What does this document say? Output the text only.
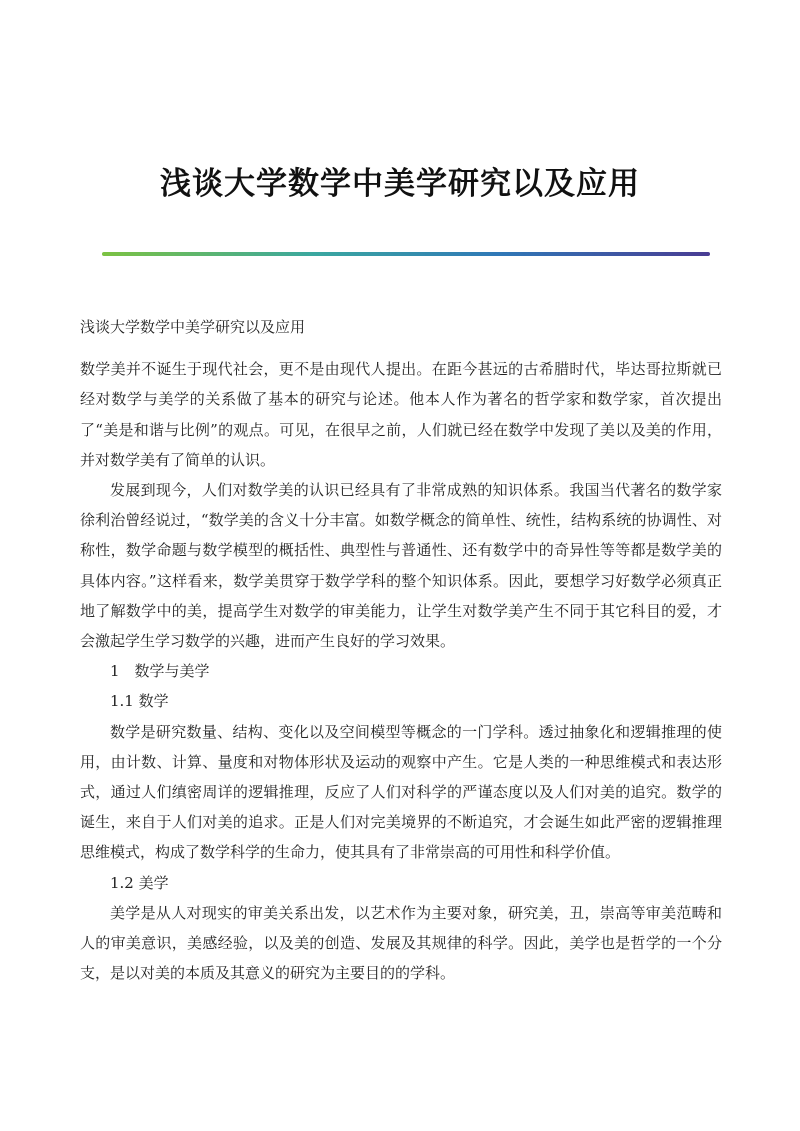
浅谈大学数学中美学研究以及应用

浅谈大学数学中美学研究以及应用

数学美并不诞生于现代社会，更不是由现代人提出。在距今甚远的古希腊时代，毕达哥拉斯就已经对数学与美学的关系做了基本的研究与论述。他本人作为著名的哲学家和数学家，首次提出了“美是和谐与比例”的观点。可见，在很早之前，人们就已经在数学中发现了美以及美的作用，并对数学美有了简单的认识。

发展到现今，人们对数学美的认识已经具有了非常成熟的知识体系。我国当代著名的数学家徐利治曾经说过，“数学美的含义十分丰富。如数学概念的简单性、统性，结构系统的协调性、对称性，数学命题与数学模型的概括性、典型性与普通性、还有数学中的奇异性等等都是数学美的具体内容。”这样看来，数学美贯穿于数学学科的整个知识体系。因此，要想学习好数学必须真正地了解数学中的美，提高学生对数学的审美能力，让学生对数学美产生不同于其它科目的爱，才会激起学生学习数学的兴趣，进而产生良好的学习效果。

1　数学与美学

1.1 数学

数学是研究数量、结构、变化以及空间模型等概念的一门学科。透过抽象化和逻辑推理的使用，由计数、计算、量度和对物体形状及运动的观察中产生。它是人类的一种思维模式和表达形式，通过人们缜密周详的逻辑推理，反应了人们对科学的严谨态度以及人们对美的追究。数学的诞生，来自于人们对美的追求。正是人们对完美境界的不断追究，才会诞生如此严密的逻辑推理思维模式，构成了数学科学的生命力，使其具有了非常崇高的可用性和科学价值。

1.2 美学

美学是从人对现实的审美关系出发，以艺术作为主要对象，研究美，丑，崇高等审美范畴和人的审美意识，美感经验，以及美的创造、发展及其规律的科学。因此，美学也是哲学的一个分支，是以对美的本质及其意义的研究为主要目的的学科。
